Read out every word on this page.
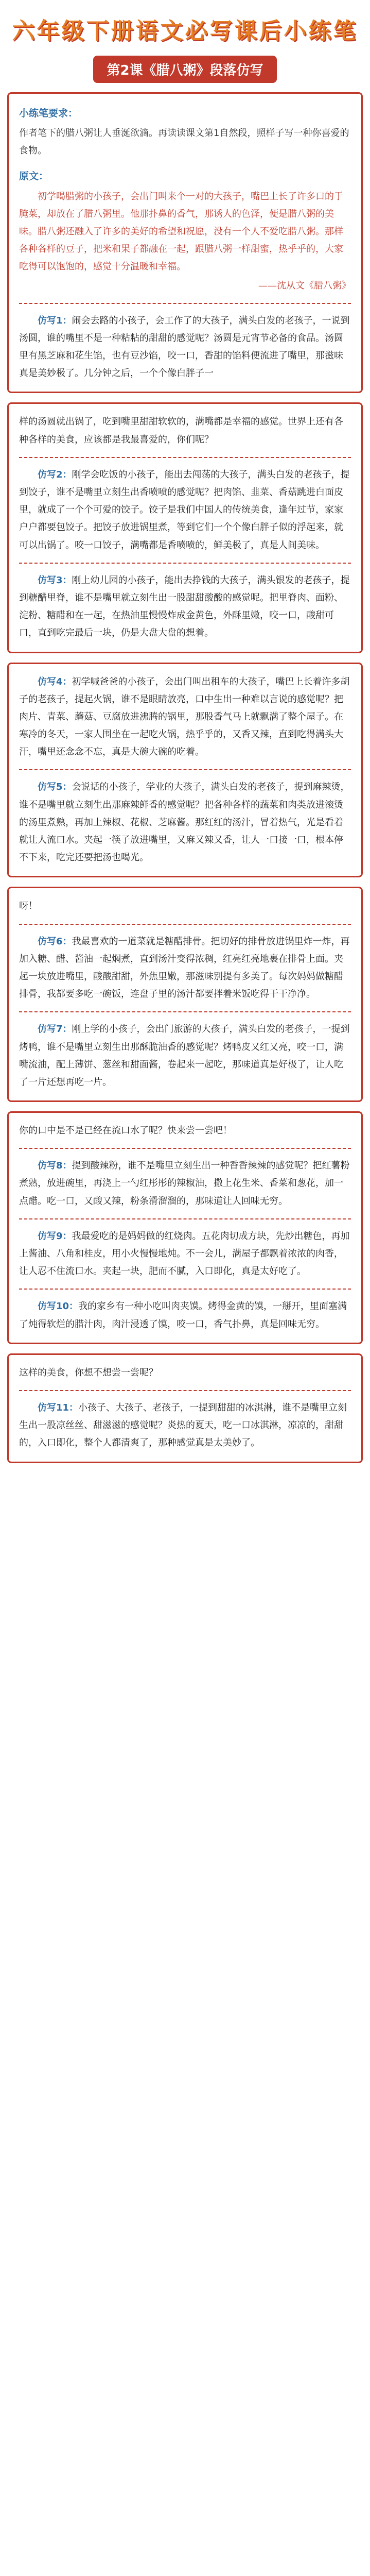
六年级下册语文必写课后小练笔
第2课《腊八粥》段落仿写
小练笔要求：

作者笔下的腊八粥让人垂涎欲滴。再读读课文第1自然段，照样子写一种你喜爱的食物。

原文：

初学喝腊粥的小孩子，会出门叫来个一对的大孩子，嘴巴上长了许多口的于腌菜，却放在了腊八粥里。他那扑鼻的香气，那诱人的色泽，便是腊八粥的美味。腊八粥还融入了许多的美好的希望和祝愿，没有一个人不爱吃腊八粥。那样各种各样的豆子，把米和果子都融在一起，跟腊八粥一样甜蜜，热乎乎的，大家吃得可以饱饱的，感觉十分温暖和幸福。

——沈从文《腊八粥》

仿写1：闹会去路的小孩子，会工作了的大孩子，满头白发的老孩子，一说到汤圆，谁的嘴里不是一种粘粘的甜甜的感觉呢？汤圆是元宵节必备的食品。汤圆里有黑芝麻和花生馅，也有豆沙馅，咬一口，香甜的馅料便流进了嘴里，那滋味真是美妙极了。几分钟之后，一个个像白胖子一

样的汤圆就出锅了，吃到嘴里甜甜软软的，满嘴都是幸福的感觉。世界上还有各种各样的美食，应该都是我最喜爱的，你们呢？

仿写2：刚学会吃饭的小孩子，能出去闯荡的大孩子，满头白发的老孩子，提到饺子，谁不是嘴里立刻生出香喷喷的感觉呢？把肉馅、韭菜、香菇跳进白面皮里，就成了一个个可爱的饺子。饺子是我们中国人的传统美食，逢年过节，家家户户都要包饺子。把饺子放进锅里煮，等到它们一个个像白胖子似的浮起来，就可以出锅了。咬一口饺子，满嘴都是香喷喷的，鲜美极了，真是人间美味。

仿写3：刚上幼儿园的小孩子，能出去挣钱的大孩子，满头银发的老孩子，提到糖醋里脊，谁不是嘴里就立刻生出一股甜甜酸酸的感觉呢。把里脊肉、面粉、淀粉、糖醋和在一起，在热油里慢慢炸成金黄色，外酥里嫩，咬一口，酸甜可口，直到吃完最后一块，仍是大盘大盘的想着。

仿写4：初学喊爸爸的小孩子，会出门叫出租车的大孩子，嘴巴上长着许多胡子的老孩子，提起火锅，谁不是眼睛放亮，口中生出一种难以言说的感觉呢？把肉片、青菜、蘑菇、豆腐放进沸腾的锅里，那股香气马上就飘满了整个屋子。在寒冷的冬天，一家人围坐在一起吃火锅，热乎乎的，又香又辣，直到吃得满头大汗，嘴里还念念不忘，真是大碗大碗的吃着。

仿写5：会说话的小孩子，学业的大孩子，满头白发的老孩子，提到麻辣烫，谁不是嘴里就立刻生出那麻辣鲜香的感觉呢？把各种各样的蔬菜和肉类放进滚烫的汤里煮熟，再加上辣椒、花椒、芝麻酱。那红红的汤汁，冒着热气，光是看着就让人流口水。夹起一筷子放进嘴里，又麻又辣又香，让人一口接一口，根本停不下来，吃完还要把汤也喝光。

呀！

仿写6：我最喜欢的一道菜就是糖醋排骨。把切好的排骨放进锅里炸一炸，再加入糖、醋、酱油一起焖煮，直到汤汁变得浓稠，红亮红亮地裹在排骨上面。夹起一块放进嘴里，酸酸甜甜，外焦里嫩，那滋味别提有多美了。每次妈妈做糖醋排骨，我都要多吃一碗饭，连盘子里的汤汁都要拌着米饭吃得干干净净。

仿写7：刚上学的小孩子，会出门旅游的大孩子，满头白发的老孩子，一提到烤鸭，谁不是嘴里立刻生出那酥脆油香的感觉呢？烤鸭皮又红又亮，咬一口，满嘴流油，配上薄饼、葱丝和甜面酱，卷起来一起吃，那味道真是好极了，让人吃了一片还想再吃一片。

你的口中是不是已经在流口水了呢？快来尝一尝吧！

仿写8：提到酸辣粉，谁不是嘴里立刻生出一种香香辣辣的感觉呢？把红薯粉煮熟，放进碗里，再浇上一勺红彤彤的辣椒油，撒上花生米、香菜和葱花，加一点醋。吃一口，又酸又辣，粉条滑溜溜的，那味道让人回味无穷。

仿写9：我最爱吃的是妈妈做的红烧肉。五花肉切成方块，先炒出糖色，再加上酱油、八角和桂皮，用小火慢慢地炖。不一会儿，满屋子都飘着浓浓的肉香，让人忍不住流口水。夹起一块，肥而不腻，入口即化，真是太好吃了。

仿写10：我的家乡有一种小吃叫肉夹馍。烤得金黄的馍，一掰开，里面塞满了炖得软烂的腊汁肉，肉汁浸透了馍，咬一口，香气扑鼻，真是回味无穷。

这样的美食，你想不想尝一尝呢？

仿写11：小孩子、大孩子、老孩子，一提到甜甜的冰淇淋，谁不是嘴里立刻生出一股凉丝丝、甜滋滋的感觉呢？炎热的夏天，吃一口冰淇淋，凉凉的，甜甜的，入口即化，整个人都清爽了，那种感觉真是太美妙了。
